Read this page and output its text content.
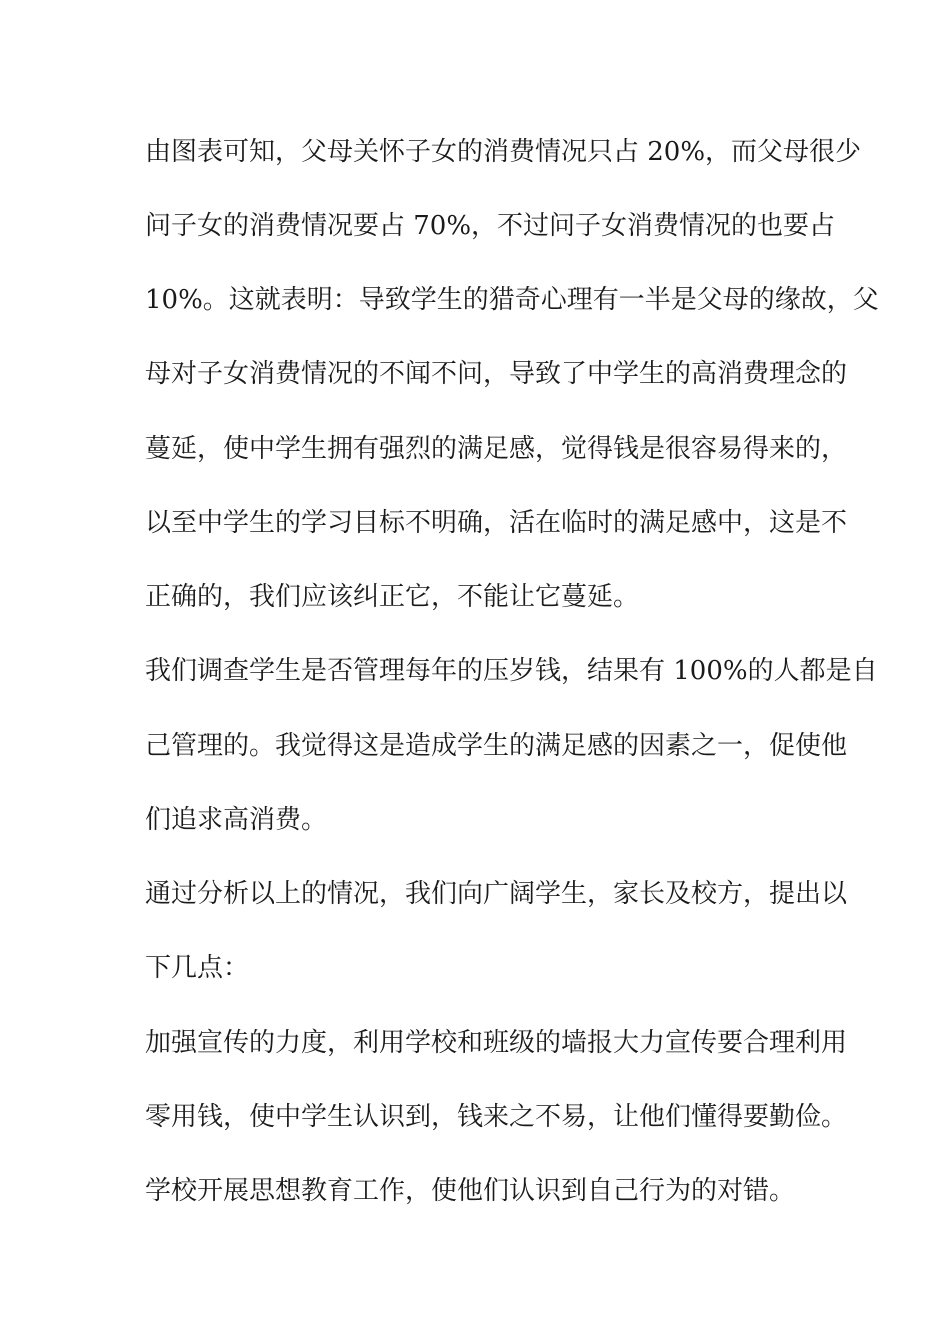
由图表可知，父母关怀子女的消费情况只占 20%，而父母很少
问子女的消费情况要占 70%，不过问子女消费情况的也要占
10%。这就表明：导致学生的猎奇心理有一半是父母的缘故，父
母对子女消费情况的不闻不问，导致了中学生的高消费理念的
蔓延，使中学生拥有强烈的满足感，觉得钱是很容易得来的，
以至中学生的学习目标不明确，活在临时的满足感中，这是不
正确的，我们应该纠正它，不能让它蔓延。
我们调查学生是否管理每年的压岁钱，结果有 100%的人都是自
己管理的。我觉得这是造成学生的满足感的因素之一，促使他
们追求高消费。
通过分析以上的情况，我们向广阔学生，家长及校方，提出以
下几点：
加强宣传的力度，利用学校和班级的墙报大力宣传要合理利用
零用钱，使中学生认识到，钱来之不易，让他们懂得要勤俭。
学校开展思想教育工作，使他们认识到自己行为的对错。
